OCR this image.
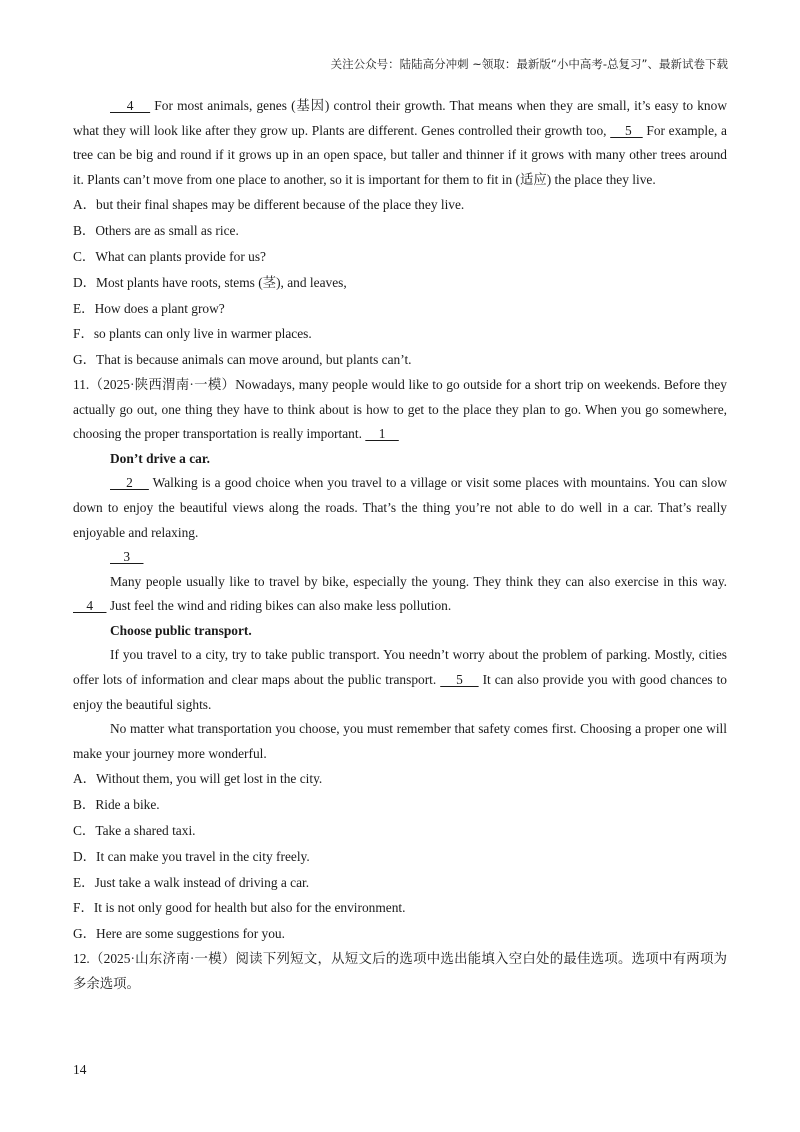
关注公众号：陆陆高分冲刺 ~领取：最新版“小中高考-总复习”、最新试卷下载

4     For most animals, genes (基因) control their growth. That means when they are small, it’s easy to know what they will look like after they grow up. Plants are different. Genes controlled their growth too,     5    For example, a tree can be big and round if it grows up in an open space, but taller and thinner if it grows with many other trees around it. Plants can’t move from one place to another, so it is important for them to fit in (适应) the place they live.

A．but their final shapes may be different because of the place they live.

B．Others are as small as rice.

C．What can plants provide for us?

D．Most plants have roots, stems (茎), and leaves,

E．How does a plant grow?

F．so plants can only live in warmer places.

G．That is because animals can move around, but plants can’t.

11.（2025·陕西渭南·一模）Nowadays, many people would like to go outside for a short trip on weekends. Before they actually go out, one thing they have to think about is how to get to the place they plan to go. When you go somewhere, choosing the proper transportation is really important.     1

Don’t drive a car.

2     Walking is a good choice when you travel to a village or visit some places with mountains. You can slow down to enjoy the beautiful views along the roads. That’s the thing you’re not able to do well in a car. That’s really enjoyable and relaxing.

3

Many people usually like to travel by bike, especially the young. They think they can also exercise in this way.     4     Just feel the wind and riding bikes can also make less pollution.

Choose public transport.

If you travel to a city, try to take public transport. You needn’t worry about the problem of parking. Mostly, cities offer lots of information and clear maps about the public transport.     5     It can also provide you with good chances to enjoy the beautiful sights.

No matter what transportation you choose, you must remember that safety comes first. Choosing a proper one will make your journey more wonderful.

A．Without them, you will get lost in the city.

B．Ride a bike.

C．Take a shared taxi.

D．It can make you travel in the city freely.

E．Just take a walk instead of driving a car.

F．It is not only good for health but also for the environment.

G．Here are some suggestions for you.

12.（2025·山东济南·一模）阅读下列短文，从短文后的选项中选出能填入空白处的最佳选项。选项中有两项为多余选项。

14
